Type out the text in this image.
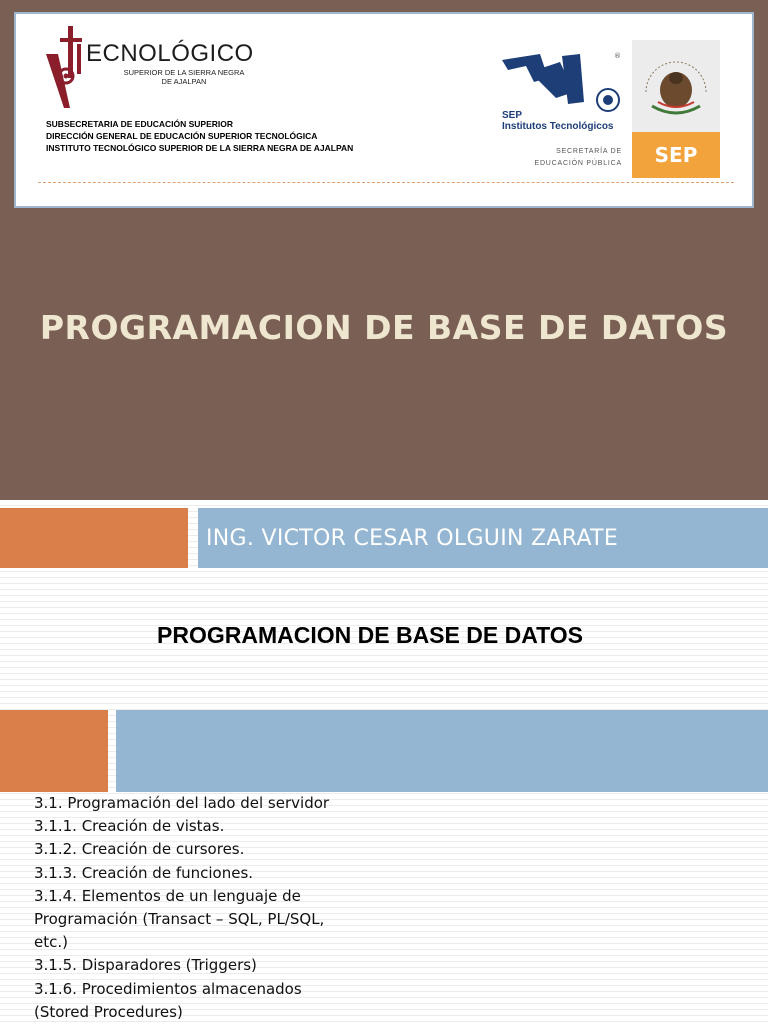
ECNOLÓGICO
SUPERIOR DE LA SIERRA NEGRA
DE AJALPAN
SUBSECRETARIA DE EDUCACIÓN SUPERIOR
DIRECCIÓN GENERAL DE EDUCACIÓN SUPERIOR TECNOLÓGICA
INSTITUTO TECNOLÓGICO SUPERIOR DE LA SIERRA NEGRA DE AJALPAN
®
SEP
Institutos Tecnológicos
SECRETARÍA DE
EDUCACIÓN PÚBLICA	SEP
PROGRAMACION DE BASE DE DATOS
ING. VICTOR CESAR OLGUIN ZARATE
PROGRAMACION DE BASE DE DATOS
3.1. Programación del lado del servidor
3.1.1. Creación de vistas.
3.1.2. Creación de cursores.
3.1.3. Creación de funciones.
3.1.4. Elementos de un lenguaje de
Programación (Transact – SQL, PL/SQL,
etc.)
3.1.5. Disparadores (Triggers)
3.1.6. Procedimientos almacenados
(Stored Procedures)
